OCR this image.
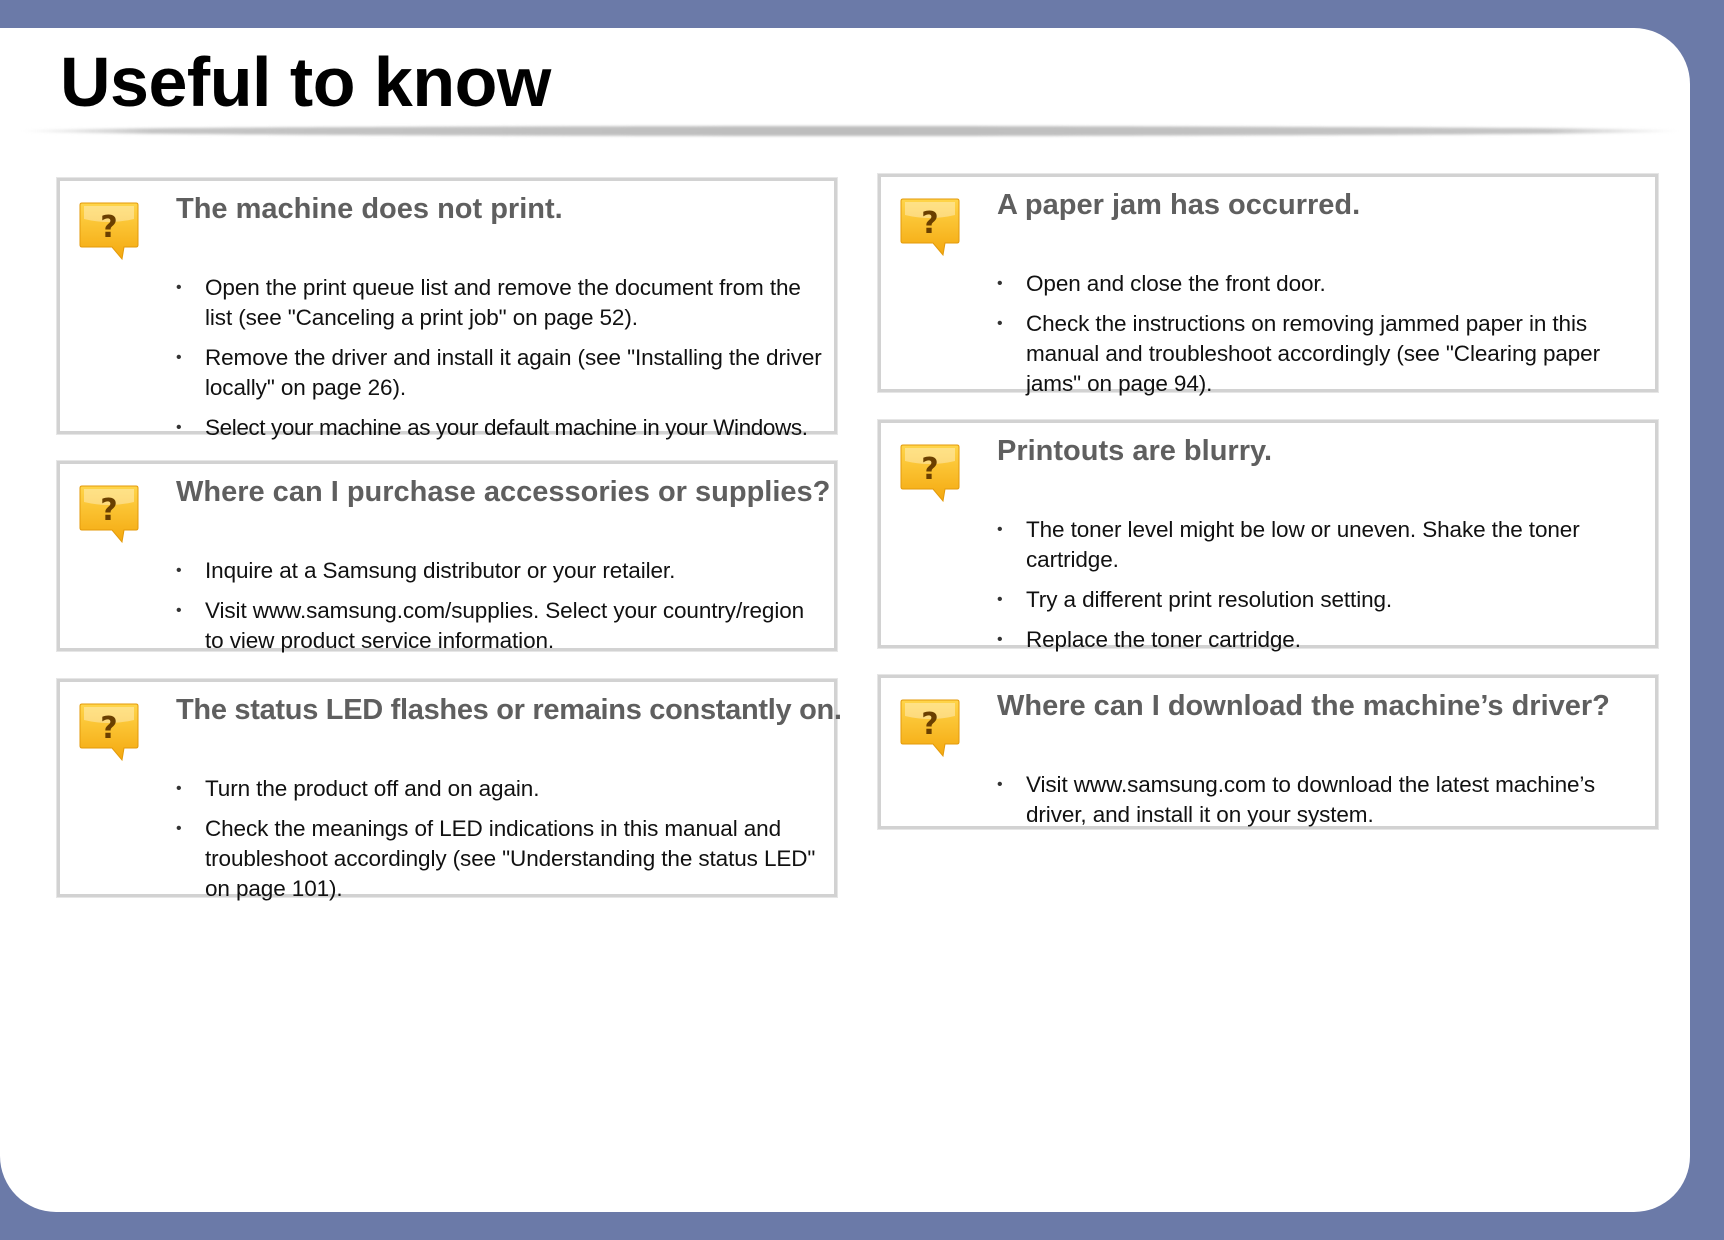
Useful to know
The machine does not print.
• Open the print queue list and remove the document from the list (see "Canceling a print job" on page 52).
• Remove the driver and install it again (see "Installing the driver locally" on page 26).
• Select your machine as your default machine in your Windows.
Where can I purchase accessories or supplies?
• Inquire at a Samsung distributor or your retailer.
• Visit www.samsung.com/supplies. Select your country/region to view product service information.
The status LED flashes or remains constantly on.
• Turn the product off and on again.
• Check the meanings of LED indications in this manual and troubleshoot accordingly (see "Understanding the status LED" on page 101).
A paper jam has occurred.
• Open and close the front door.
• Check the instructions on removing jammed paper in this manual and troubleshoot accordingly (see "Clearing paper jams" on page 94).
Printouts are blurry.
• The toner level might be low or uneven. Shake the toner cartridge.
• Try a different print resolution setting.
• Replace the toner cartridge.
Where can I download the machine’s driver?
• Visit www.samsung.com to download the latest machine’s driver, and install it on your system.
